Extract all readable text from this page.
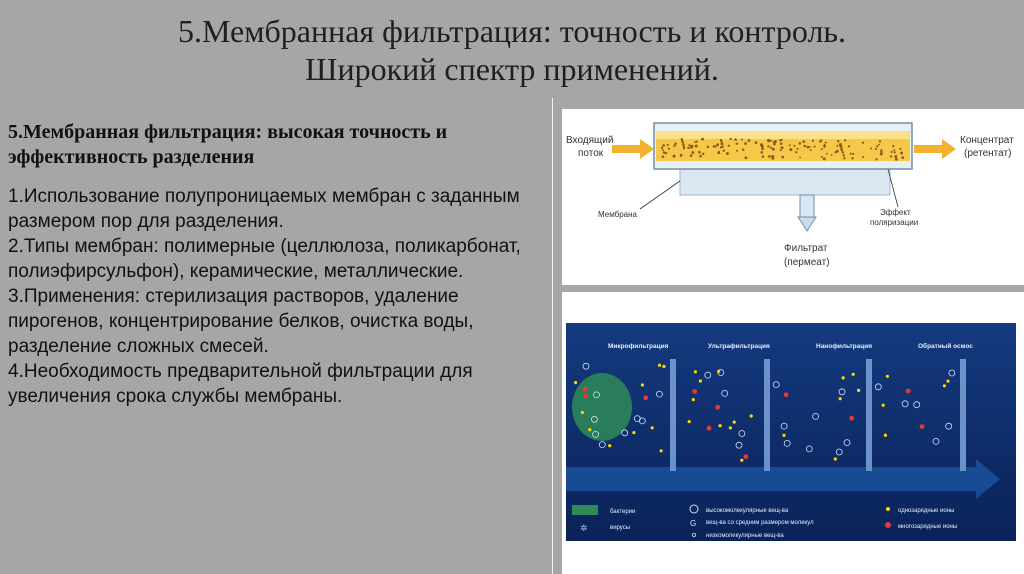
5.Мембранная фильтрация: точность и контроль.
Широкий спектр применений.
5.Мембранная фильтрация: высокая точность и эффективность разделения
1.Использование полупроницаемых мембран с заданным размером пор для разделения.
2.Типы мембран: полимерные (целлюлоза, поликарбонат, полиэфирсульфон), керамические, металлические.
3.Применения: стерилизация растворов, удаление пирогенов, концентрирование белков, очистка воды, разделение сложных смесей.
4.Необходимость предварительной фильтрации для увеличения срока службы мембраны.
Входящий
поток
Концентрат
(ретентат)
Мембрана	Эффект
поляризации
Фильтрат
(пермеат)
Микрофильтрация	Ультрафильтрация	Нанофильтрация	Обратный осмос
бактерии
✲	вирусы
высокомолекулярные вещ-ва
G вещ-ва со средним размером молекул
низкомолекулярные вещ-ва
однозарядные ионы
многозарядные ионы
